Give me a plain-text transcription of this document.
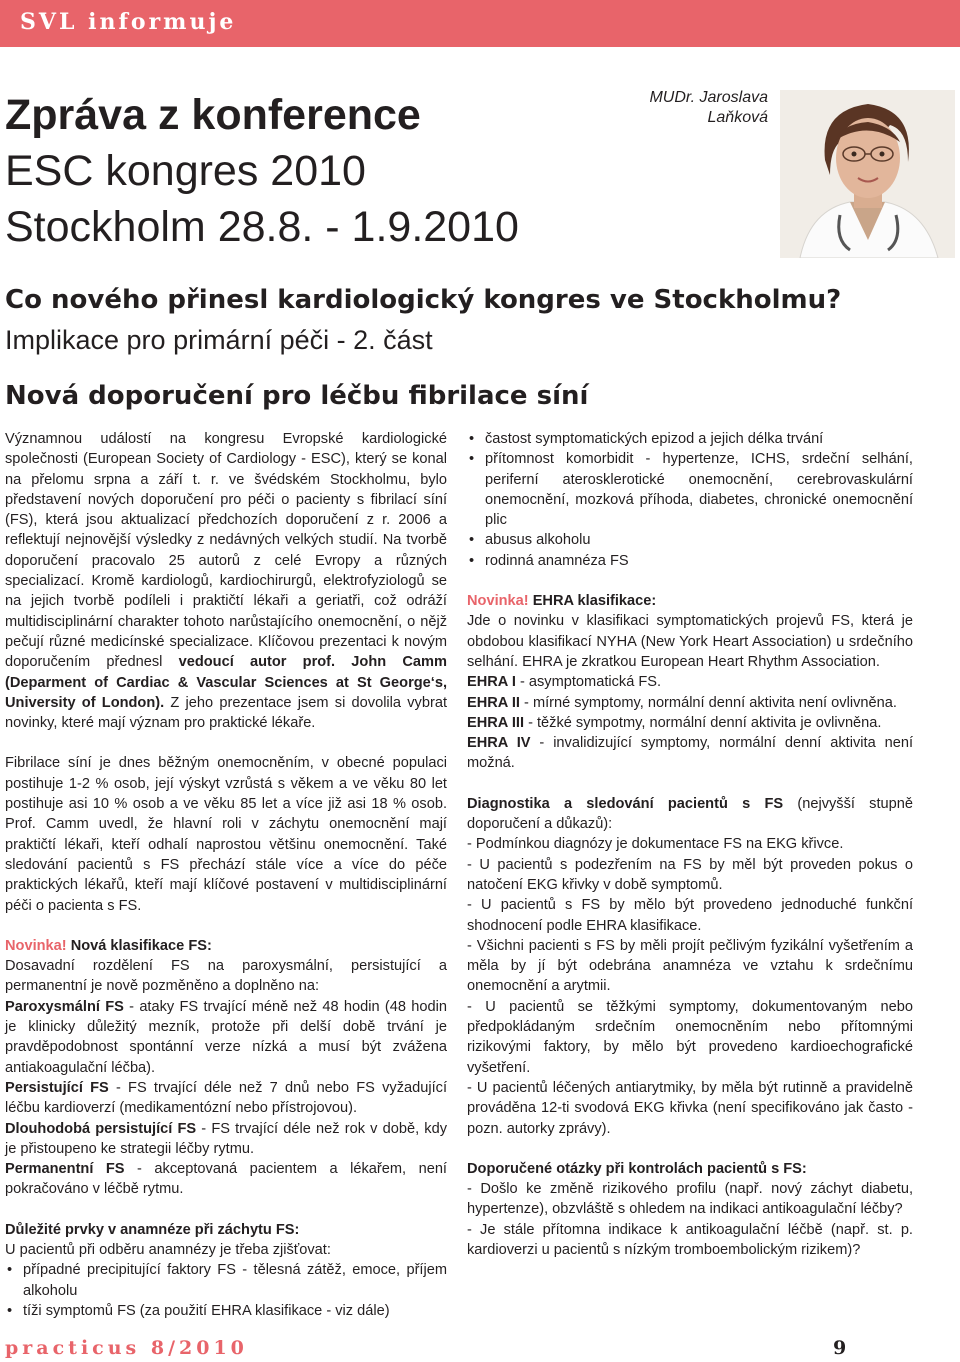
SVL informuje
Zpráva z konference
ESC kongres 2010
Stockholm 28.8. - 1.9.2010
MUDr. Jaroslava
Laňková
Co nového přinesl kardiologický kongres ve Stockholmu?
Implikace pro primární péči - 2. část
Nová doporučení pro léčbu fibrilace síní

Významnou událostí na kongresu Evropské kardiologické společnosti (European Society of Cardiology - ESC), který se konal na přelomu srpna a září t. r. ve švédském Stockholmu, bylo představení nových doporučení pro péči o pacienty s fibrilací síní (FS), která jsou aktualizací předchozích doporučení z r. 2006 a reflektují nejnovější výsledky z nedávných velkých studií. Na tvorbě doporučení pracovalo 25 autorů z celé Evropy a různých specializací. Kromě kardiologů, kardiochirurgů, elektrofyziologů se na jejich tvorbě podíleli i praktičtí lékaři a geriatři, což odráží multidisciplinární charakter tohoto narůstajícího onemocnění, o nějž pečují různé medicínské specializace. Klíčovou prezentaci k novým doporučením přednesl vedoucí autor prof. John Camm (Deparment of Cardiac & Vascular Sciences at St George‘s, University of London). Z jeho prezentace jsem si dovolila vybrat novinky, které mají význam pro praktické lékaře.

Fibrilace síní je dnes běžným onemocněním, v obecné populaci postihuje 1-2 % osob, její výskyt vzrůstá s věkem a ve věku 80 let postihuje asi 10 % osob a ve věku 85 let a více již asi 18 % osob. Prof. Camm uvedl, že hlavní roli v záchytu onemocnění mají praktičtí lékaři, kteří odhalí naprostou většinu onemocnění. Také sledování pacientů s FS přechází stále více a více do péče praktických lékařů, kteří mají klíčové postavení v multidisciplinární péči o pacienta s FS.

Novinka! Nová klasifikace FS:

Dosavadní rozdělení FS na paroxysmální, persistující a permanentní je nově pozměněno a doplněno na:

Paroxysmální FS - ataky FS trvající méně než 48 hodin (48 hodin je klinicky důležitý mezník, protože při delší době trvání je pravděpodobnost spontánní verze nízká a musí být zvážena antiakoagulační léčba).

Persistující FS - FS trvající déle než 7 dnů nebo FS vyžadující léčbu kardioverzí (medikamentózní nebo přístrojovou).

Dlouhodobá persistující FS - FS trvající déle než rok v době, kdy je přistoupeno ke strategii léčby rytmu.

Permanentní FS - akceptovaná pacientem a lékařem, není pokračováno v léčbě rytmu.

Důležité prvky v anamnéze při záchytu FS:

U pacientů při odběru anamnézy je třeba zjišťovat:

• případné precipitující faktory FS - tělesná zátěž, emoce, příjem alkoholu
• tíži symptomů FS (za použití EHRA klasifikace - viz dále)
• častost symptomatických epizod a jejich délka trvání
• přítomnost komorbidit - hypertenze, ICHS, srdeční selhání, periferní aterosklerotické onemocnění, cerebrovaskulární onemocnění, mozková příhoda, diabetes, chronické onemocnění plic
• abusus alkoholu
• rodinná anamnéza FS

Novinka! EHRA klasifikace:

Jde o novinku v klasifikaci symptomatických projevů FS, která je obdobou klasifikací NYHA (New York Heart Association) u srdečního selhání. EHRA je zkratkou European Heart Rhythm Association.

EHRA I - asymptomatická FS.

EHRA II - mírné symptomy, normální denní aktivita není ovlivněna.

EHRA III - těžké sympotmy, normální denní aktivita je ovlivněna.

EHRA IV - invalidizující symptomy, normální denní aktivita není možná.

Diagnostika a sledování pacientů s FS (nejvyšší stupně doporučení a důkazů):

- Podmínkou diagnózy je dokumentace FS na EKG křivce.

- U pacientů s podezřením na FS by měl být proveden pokus o natočení EKG křivky v době symptomů.

- U pacientů s FS by mělo být provedeno jednoduché funkční shodnocení podle EHRA klasifikace.

- Všichni pacienti s FS by měli projít pečlivým fyzikální vyšetřením a měla by jí být odebrána anamnéza ve vztahu k srdečnímu onemocnění a arytmii.

- U pacientů se těžkými symptomy, dokumentovaným nebo předpokládaným srdečním onemocněním nebo přítomnými rizikovými faktory, by mělo být provedeno kardioechografické vyšetření.

- U pacientů léčených antiarytmiky, by měla být rutinně a pravidelně prováděna 12-ti svodová EKG křivka (není specifikováno jak často - pozn. autorky zprávy).

Doporučené otázky při kontrolách pacientů s FS:

- Došlo ke změně rizikového profilu (např. nový záchyt diabetu, hypertenze), obzvláště s ohledem na indikaci antikoagulační léčby?

- Je stále přítomna indikace k antikoagulační léčbě (např. st. p. kardioverzi u pacientů s nízkým tromboembolickým rizikem)?

practicus 8/2010	9
